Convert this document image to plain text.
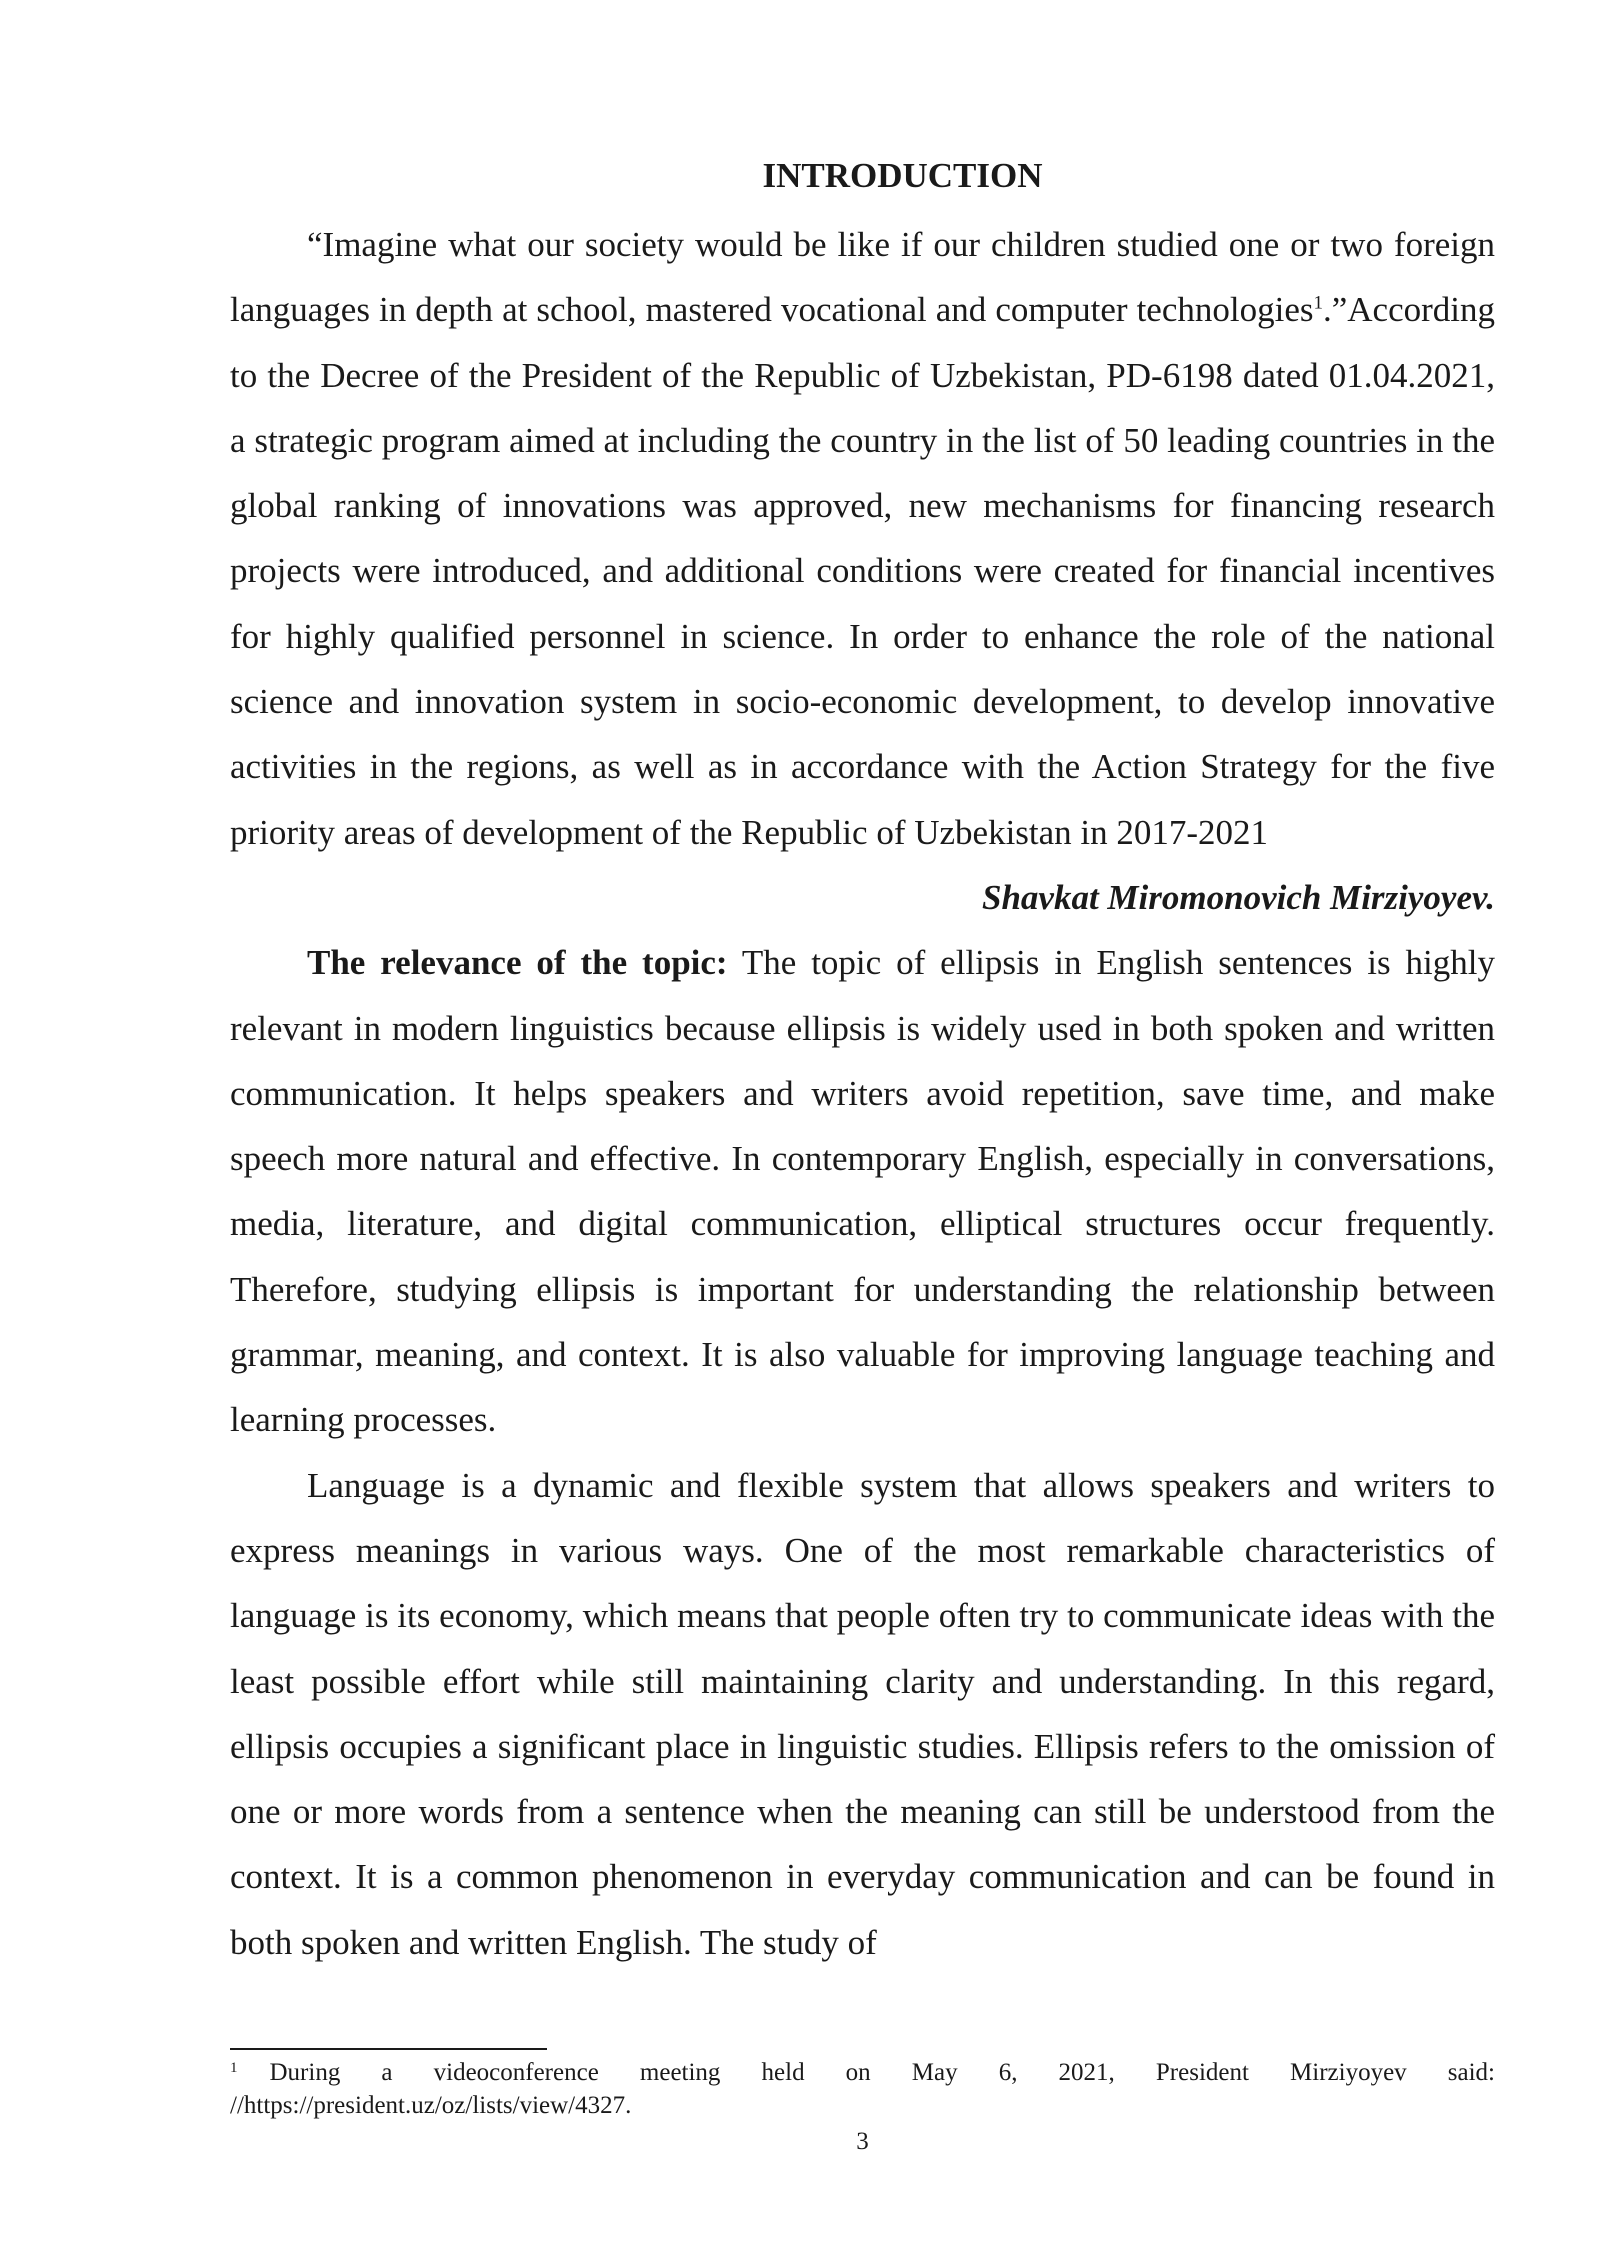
INTRODUCTION

“Imagine what our society would be like if our children studied one or two foreign languages in depth at school, mastered vocational and computer technologies$^1$.”According to the Decree of the President of the Republic of Uzbekistan, PD-6198 dated 01.04.2021, a strategic program aimed at including the country in the list of 50 leading countries in the global ranking of innovations was approved, new mechanisms for financing research projects were introduced, and additional conditions were created for financial incentives for highly qualified personnel in science. In order to enhance the role of the national science and innovation system in socio-economic development, to develop innovative activities in the regions, as well as in accordance with the Action Strategy for the five priority areas of development of the Republic of Uzbekistan in 2017-2021

Shavkat Miromonovich Mirziyoyev.

The relevance of the topic: The topic of ellipsis in English sentences is highly relevant in modern linguistics because ellipsis is widely used in both spoken and written communication. It helps speakers and writers avoid repetition, save time, and make speech more natural and effective. In contemporary English, especially in conversations, media, literature, and digital communication, elliptical structures occur frequently. Therefore, studying ellipsis is important for understanding the relationship between grammar, meaning, and context. It is also valuable for improving language teaching and learning processes.

Language is a dynamic and flexible system that allows speakers and writers to express meanings in various ways. One of the most remarkable characteristics of language is its economy, which means that people often try to communicate ideas with the least possible effort while still maintaining clarity and understanding. In this regard, ellipsis occupies a significant place in linguistic studies. Ellipsis refers to the omission of one or more words from a sentence when the meaning can still be understood from the context. It is a common phenomenon in everyday communication and can be found in both spoken and written English. The study of

$^1$ During a videoconference meeting held on May 6, 2021, President Mirziyoyev said: //https://president.uz/oz/lists/view/4327.
3
